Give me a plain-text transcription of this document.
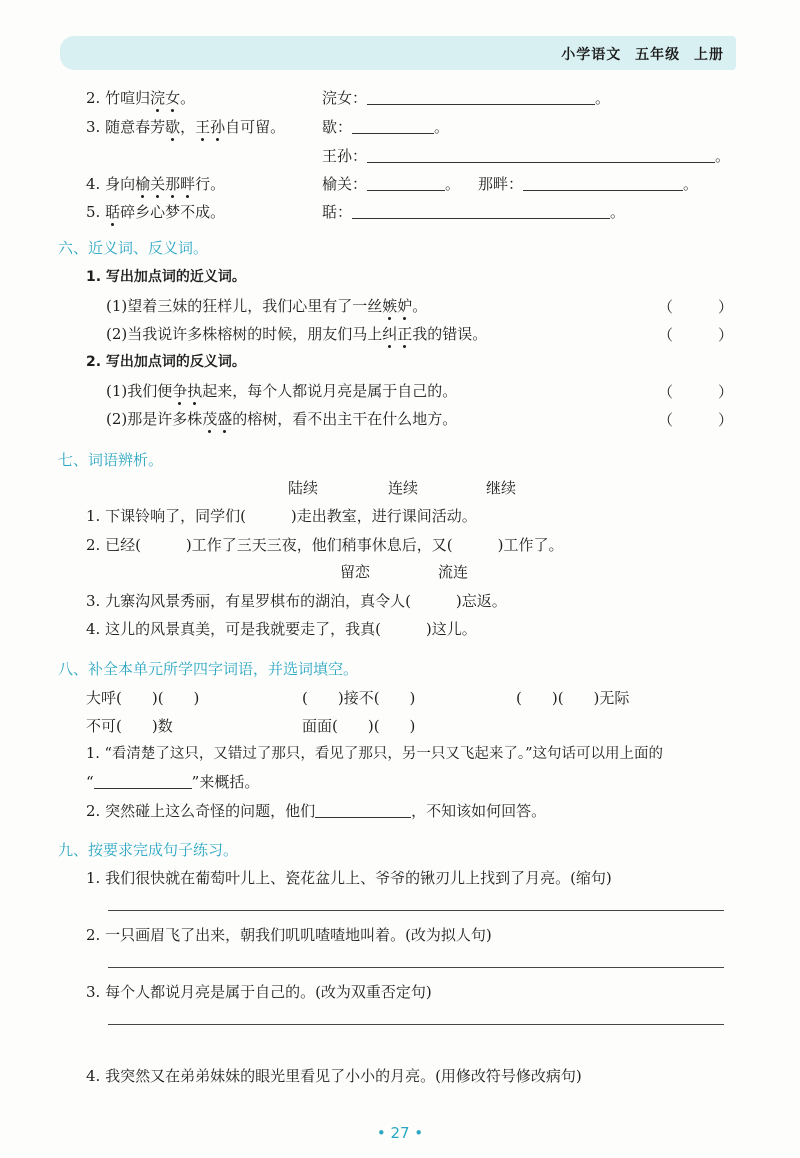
小学语文 五年级 上册
2. 竹喧归浣女。	浣女：	。
3. 随意春芳歇，王孙自可留。 歇：	。
王孙：	。
4. 身向榆关那畔行。	榆关：	。 那畔：	。
5. 聒碎乡心梦不成。	聒：	。
六、近义词、反义词。
1. 写出加点词的近义词。
(1)望着三妹的狂样儿，我们心里有了一丝嫉妒。	（　　　）
(2)当我说许多株榕树的时候，朋友们马上纠正我的错误。	（　　　）
2. 写出加点词的反义词。
(1)我们便争执起来，每个人都说月亮是属于自己的。	（　　　）
(2)那是许多株茂盛的榕树，看不出主干在什么地方。	（　　　）
七、词语辨析。
陆续	连续	继续
1. 下课铃响了，同学们(　　　)走出教室，进行课间活动。
2. 已经(　　　)工作了三天三夜，他们稍事休息后，又(　　　)工作了。
留恋	流连
3. 九寨沟风景秀丽，有星罗棋布的湖泊，真令人(　　　)忘返。
4. 这儿的风景真美，可是我就要走了，我真(　　　)这儿。
八、补全本单元所学四字词语，并选词填空。
大呼(　　)(　　)	(　　)接不(　　)	(　　)(　　)无际
不可(　　)数	面面(　　)(　　)
1. “看清楚了这只，又错过了那只，看见了那只，另一只又飞起来了。”这句话可以用上面的
“	”来概括。
2. 突然碰上这么奇怪的问题，他们	，不知该如何回答。
九、按要求完成句子练习。
1. 我们很快就在葡萄叶儿上、瓷花盆儿上、爷爷的锹刃儿上找到了月亮。(缩句)
2. 一只画眉飞了出来，朝我们叽叽喳喳地叫着。(改为拟人句)
3. 每个人都说月亮是属于自己的。(改为双重否定句)
4. 我突然又在弟弟妹妹的眼光里看见了小小的月亮。(用修改符号修改病句)
• 27 •
